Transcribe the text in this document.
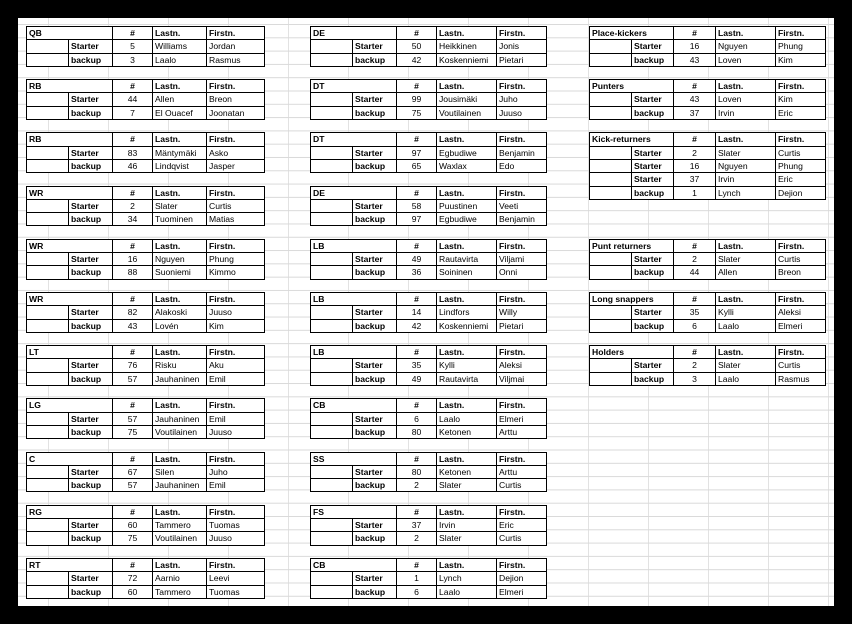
QB		#	Lastn.	Firstn.
	Starter	5	Williams	Jordan
	backup	3	Laalo	Rasmus
RB		#	Lastn.	Firstn.
	Starter	44	Allen	Breon
	backup	7	El Ouacef	Joonatan
RB		#	Lastn.	Firstn.
	Starter	83	Mäntymäki	Asko
	backup	46	Lindqvist	Jasper
WR		#	Lastn.	Firstn.
	Starter	2	Slater	Curtis
	backup	34	Tuominen	Matias
WR		#	Lastn.	Firstn.
	Starter	16	Nguyen	Phung
	backup	88	Suoniemi	Kimmo
WR		#	Lastn.	Firstn.
	Starter	82	Alakoski	Juuso
	backup	43	Lovén	Kim
LT		#	Lastn.	Firstn.
	Starter	76	Risku	Aku
	backup	57	Jauhaninen	Emil
LG		#	Lastn.	Firstn.
	Starter	57	Jauhaninen	Emil
	backup	75	Voutilainen	Juuso
C		#	Lastn.	Firstn.
	Starter	67	Silen	Juho
	backup	57	Jauhaninen	Emil
RG		#	Lastn.	Firstn.
	Starter	60	Tammero	Tuomas
	backup	75	Voutilainen	Juuso
RT		#	Lastn.	Firstn.
	Starter	72	Aarnio	Leevi
	backup	60	Tammero	Tuomas
DE		#	Lastn.	Firstn.
	Starter	50	Heikkinen	Jonis
	backup	42	Koskenniemi	Pietari
DT		#	Lastn.	Firstn.
	Starter	99	Jousimäki	Juho
	backup	75	Voutilainen	Juuso
DT		#	Lastn.	Firstn.
	Starter	97	Egbudiwe	Benjamin
	backup	65	Waxlax	Edo
DE		#	Lastn.	Firstn.
	Starter	58	Puustinen	Veeti
	backup	97	Egbudiwe	Benjamin
LB		#	Lastn.	Firstn.
	Starter	49	Rautavirta	Viljami
	backup	36	Soininen	Onni
LB		#	Lastn.	Firstn.
	Starter	14	Lindfors	Willy
	backup	42	Koskenniemi	Pietari
LB		#	Lastn.	Firstn.
	Starter	35	Kylli	Aleksi
	backup	49	Rautavirta	Viljmai
CB		#	Lastn.	Firstn.
	Starter	6	Laalo	Elmeri
	backup	80	Ketonen	Arttu
SS		#	Lastn.	Firstn.
	Starter	80	Ketonen	Arttu
	backup	2	Slater	Curtis
FS		#	Lastn.	Firstn.
	Starter	37	Irvin	Eric
	backup	2	Slater	Curtis
CB		#	Lastn.	Firstn.
	Starter	1	Lynch	Dejion
	backup	6	Laalo	Elmeri
Place-kickers		#	Lastn.	Firstn.
	Starter	16	Nguyen	Phung
	backup	43	Loven	Kim
Punters		#	Lastn.	Firstn.
	Starter	43	Loven	Kim
	backup	37	Irvin	Eric
Kick-returners		#	Lastn.	Firstn.
	Starter	2	Slater	Curtis
	Starter	16	Nguyen	Phung
	Starter	37	Irvin	Eric
	backup	1	Lynch	Dejion
Punt returners		#	Lastn.	Firstn.
	Starter	2	Slater	Curtis
	backup	44	Allen	Breon
Long snappers		#	Lastn.	Firstn.
	Starter	35	Kylli	Aleksi
	backup	6	Laalo	Elmeri
Holders		#	Lastn.	Firstn.
	Starter	2	Slater	Curtis
	backup	3	Laalo	Rasmus
